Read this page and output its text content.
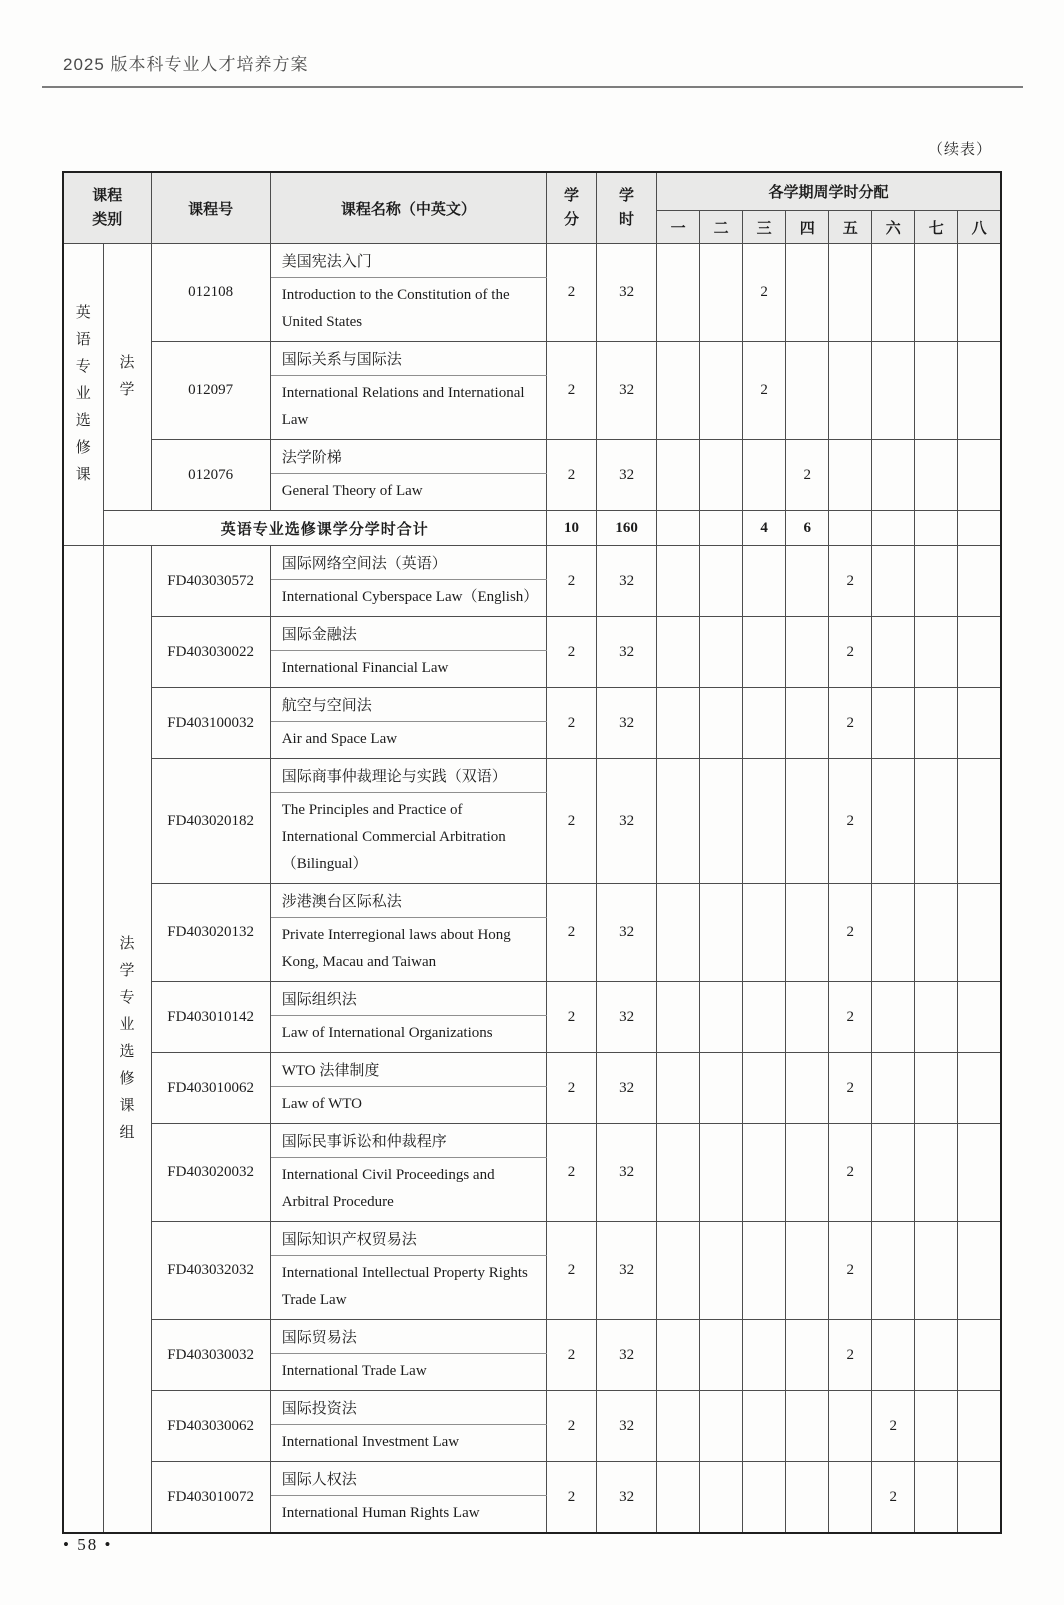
2025 版本科专业人才培养方案
（续表）
课程类别		课程号	课程名称（中英文）	学分	学时	各学期周学时分配							
						一	二	三	四	五	六	七	八

英语专业选修课	法学	012108	美国宪法入门	2	32			2					
			Introduction to the Constitution of the United States										
		012097	国际关系与国际法	2	32			2					
			International Relations and International Law										
		012076	法学阶梯	2	32				2				
			General Theory of Law										
	英语专业选修课学分学时合计			10	160			4	6				

	法学专业选修课组	FD403030572	国际网络空间法（英语）	2	32					2			
			International Cyberspace Law（English）										
		FD403030022	国际金融法	2	32					2			
			International Financial Law										
		FD403100032	航空与空间法	2	32					2			
			Air and Space Law										
		FD403020182	国际商事仲裁理论与实践（双语）	2	32					2			
			The Principles and Practice of International Commercial Arbitration（Bilingual）										
		FD403020132	涉港澳台区际私法	2	32					2			
			Private Interregional laws about Hong Kong, Macau and Taiwan										
		FD403010142	国际组织法	2	32					2			
			Law of International Organizations										
		FD403010062	WTO 法律制度	2	32					2			
			Law of WTO										
		FD403020032	国际民事诉讼和仲裁程序	2	32					2			
			International Civil Proceedings and Arbitral Procedure										
		FD403032032	国际知识产权贸易法	2	32					2			
			International Intellectual Property Rights Trade Law										
		FD403030032	国际贸易法	2	32					2			
			International Trade Law										
		FD403030062	国际投资法	2	32						2		
			International Investment Law										
		FD403010072	国际人权法	2	32						2		
			International Human Rights Law										
• 58 •
